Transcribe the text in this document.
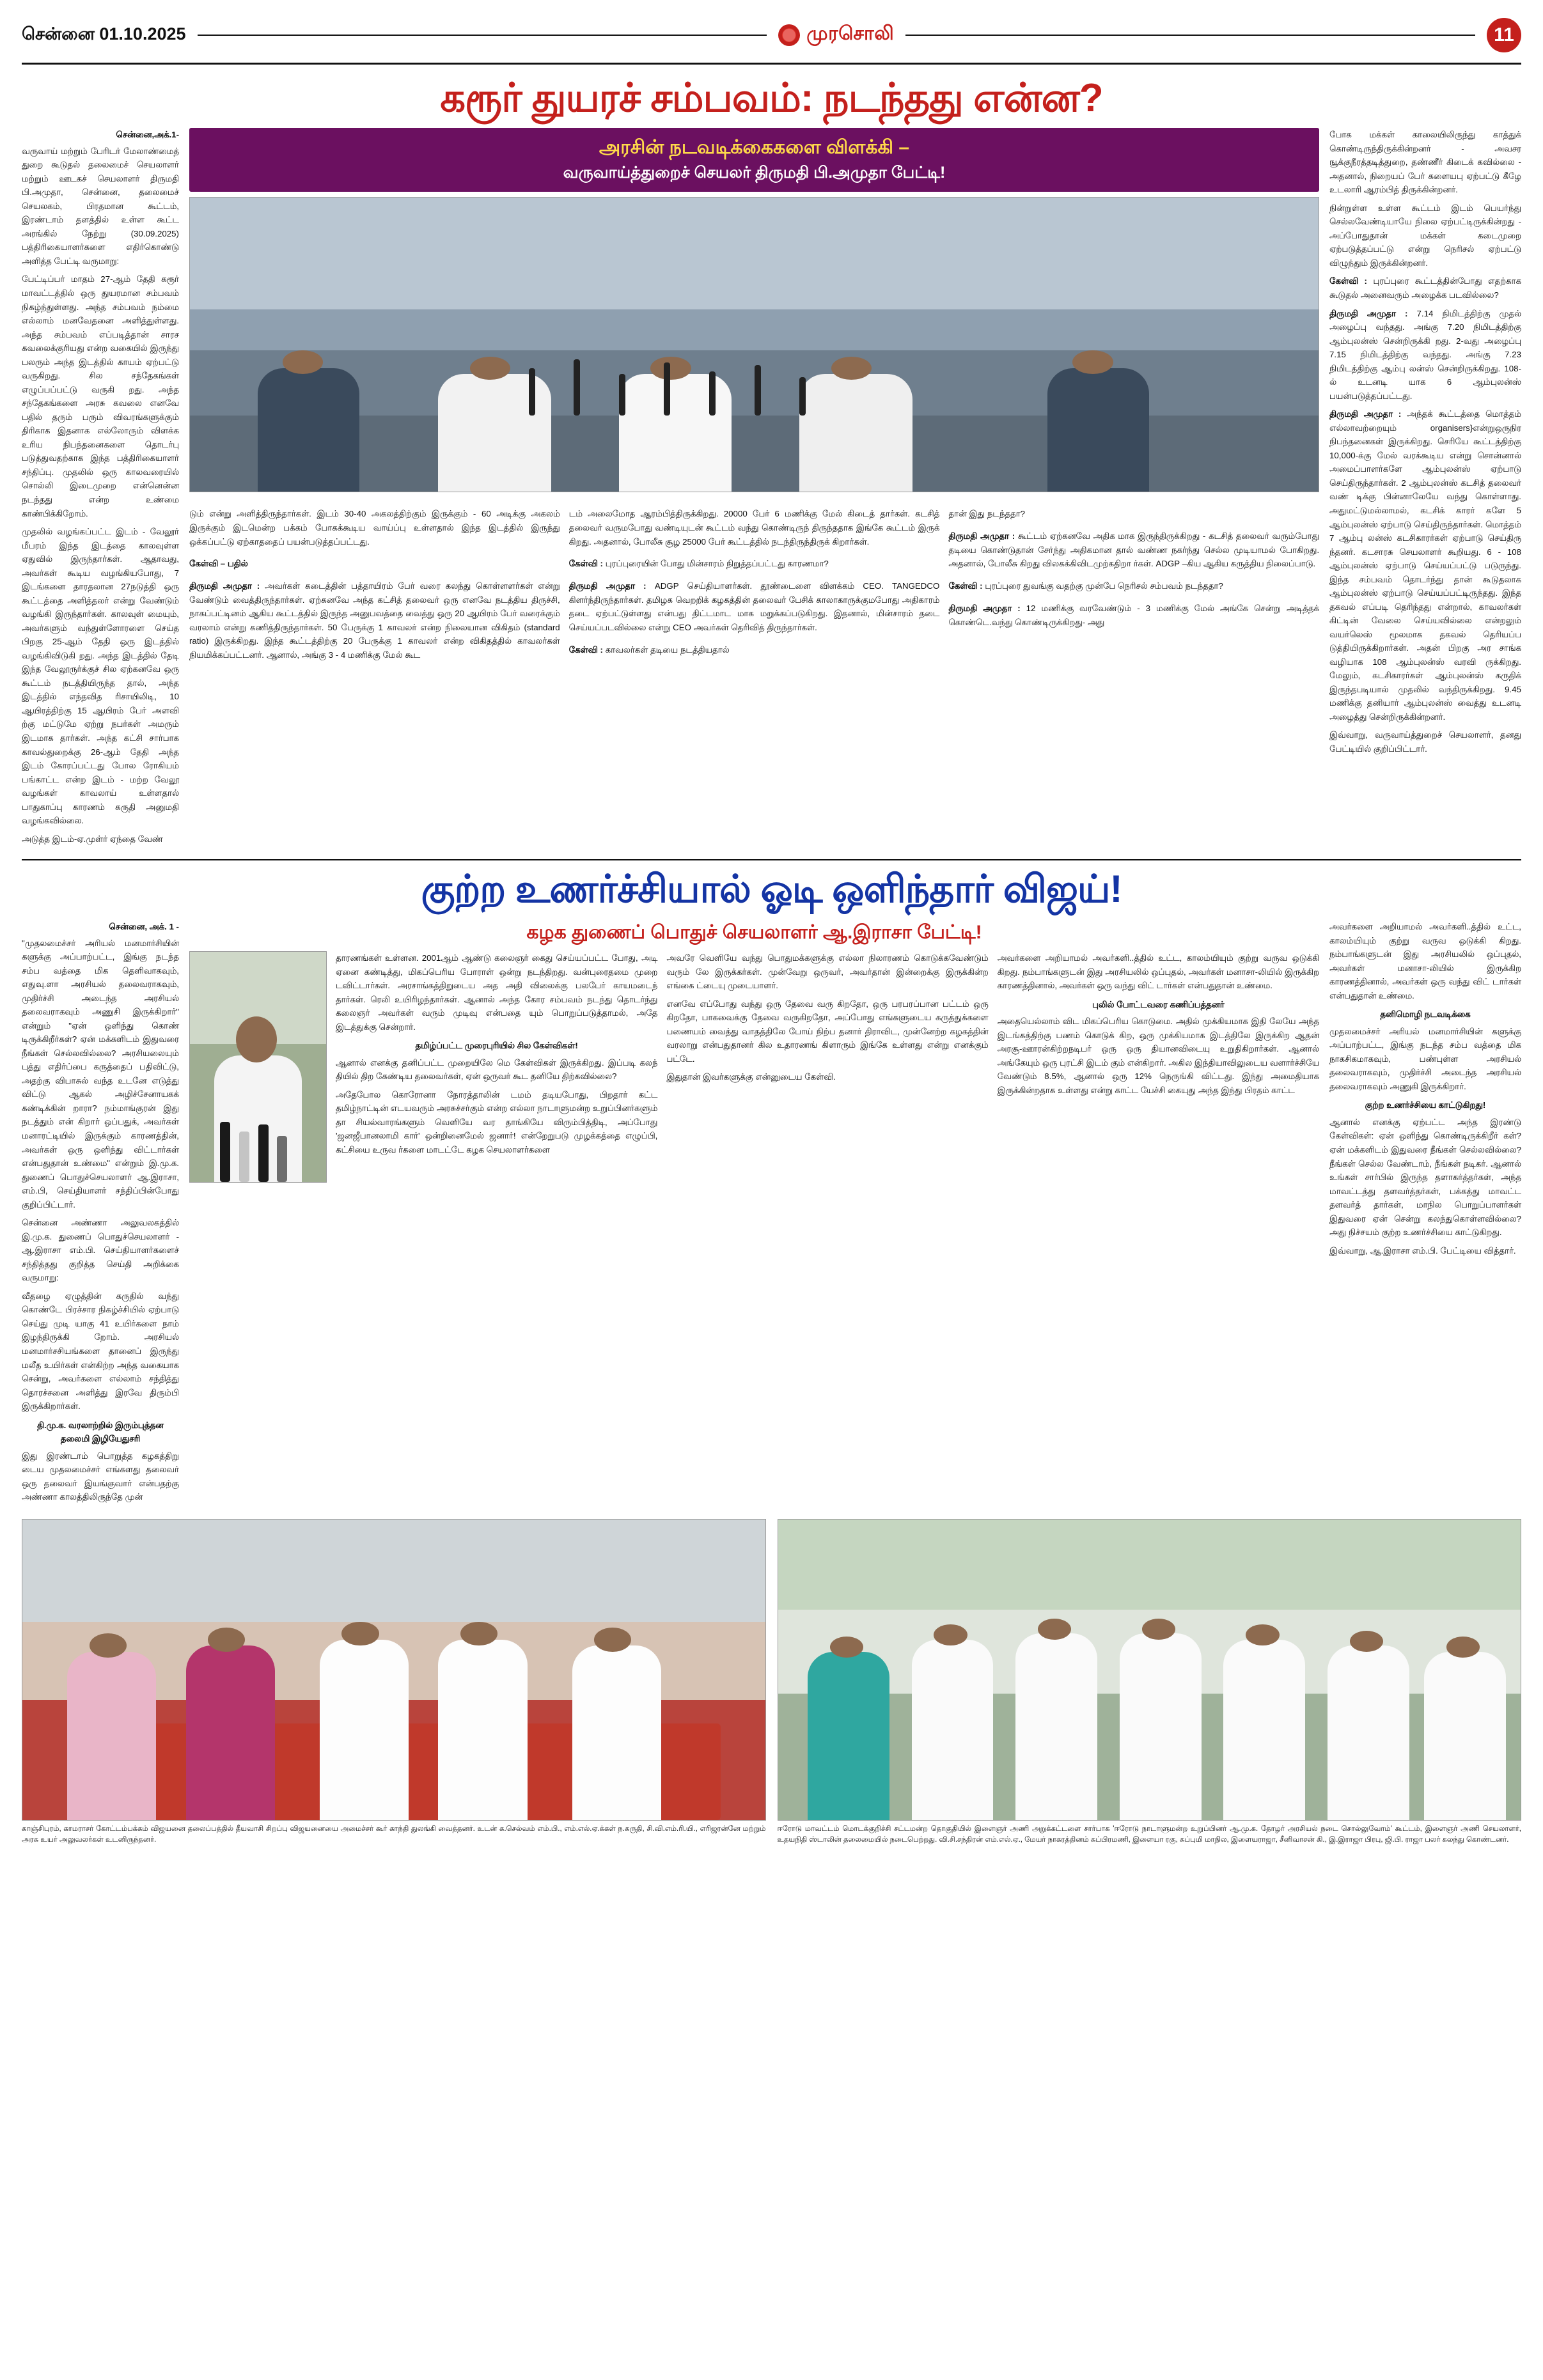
சென்னை 01.10.2025	முரசொலி	11
கரூர் துயரச் சம்பவம்: நடந்தது என்ன?
சென்னை,அக்.1-

வருவாய் மற்றும் பேரிடர் மேலாண்மைத் துறை கூடுதல் தலைமைச் செயலாளர் மற்றும் ஊடகச் செயலாளர் திருமதி பி.அமுதா, சென்னை, தலைமைச் செயலகம், பிரதமான கூட்டம், இரண்டாம் தளத்தில் உள்ள கூட்ட அரங்கில் நேற்று (30.09.2025) பத்திரிகையாளர்களை எதிர்கொண்டு அளித்த பேட்டி வருமாறு:

பேட்டிப்பர் மாதம் 27-ஆம் தேதி கரூர் மாவட்டத்தில் ஒரு துயரமான சம்பவம் நிகழ்ந்துள்ளது. அந்த சம்பவம் நம்மை எல்லாம் மனவேதனை அளித்துள்ளது. அந்த சம்பவம் எப்படித்தான் சாரச கவலைக்குரியது என்ற வகையில் இருந்து பலரும் அந்த இடத்தில் காயம் ஏற்பட்டு வருகிறது. சில சந்தேகங்கள் எழுப்பப்பட்டு வருகி றது. அந்த சந்தேகங்களை அரசு கவலை எனவே பதில் தரும் பரும் விவரங்களுக்கும் திரிகாக இதனாக எல்லோரும் விளக்க உரிய நிபந்தனைகளை தொடர்பு படுத்துவதற்காக இந்த பத்திரிகையாளர் சந்திப்பு. முதலில் ஒரு காலவரையில் சொல்லி இடைமுறை என்னென்ன நடந்தது என்ற உண்மை காண்பிக்கிறோம்.

முதலில் வழங்கப்பட்ட இடம் - வேலூர் மீபரம் இந்த இடத்தை காலவுள்ள ஏதுவில் இருந்தார்கள். ஆதாவது, அவர்கள் கூடிய வழங்கியபோது, 7 இடங்களை தாரதலான 27நடுத்தி ஒரு கூட்டத்தை அளித்தலர் என்று வேண்டும் வழங்கி இருந்தார்கள். காலவுள் மையும், அவர்களும் வந்துள்ளோரளை செய்த பிறகு 25-ஆம் தேதி ஒரு இடத்தில் வழங்கிவிடுகி றது. அந்த இடத்தில் தேடி இந்த வேலூருர்க்குச் சில ஏற்கனவே ஒரு கூட்டம் நடத்தியிருந்த தால், அந்த இடத்தில் எந்தவித ரிசாயிலிடி, 10 ஆயிரத்திற்கு 15 ஆயிரம் பேர் அளவி ற்கு மட்டுமே ஏற்று நபர்கள் அமரும் இடமாக தார்கள். அந்த கட்சி சார்பாக காவல்துறைக்கு 26-ஆம் தேதி அந்த இடம் கோரப்பட்டது போல ரோகியம் பங்காட்ட என்ற இடம் - மற்ற வேலூ வழங்கள் காவலாய் உள்ளதால் பாதுகாப்பு காரணம் கருதி அனுமதி வழங்கவில்லை.

அடுத்த இடம்-ஏ.முள்ர் ஏந்தை வேண்

அரசின் நடவடிக்கைகளை விளக்கி –
வருவாய்த்துறைச் செயலர் திருமதி பி.அமுதா பேட்டி!

டும் என்று அளித்திருந்தார்கள். இடம் 30-40 அகலத்திற்கும் இருக்கும் - 60 அடிக்கு அகலம் இருக்கும் இடமென்ற பக்கம் போகக்கூடிய வாய்ப்பு உள்ளதால் இந்த இடத்தில் இருந்து ஒக்கப்பட்டு ஏற்காததைப் பயன்படுத்தப்பட்டது.

கேள்வி – பதில்

திருமதி அமுதா : அவர்கள் கடைத்தின் பத்தாயிரம் பேர் வரை கலந்து கொள்ளளர்கள் என்று வேண்டும் வைத்திருந்தார்கள். ஏற்கனவே அந்த கட்சித் தலைவர் ஒரு எனவே நடத்திய திருச்சி, நாகப்பட்டினம் ஆகிய கூட்டத்தில் இருந்த அனுபவத்தை வைத்து ஒரு 20 ஆயிரம் பேர் வரைக்கும் வரலாம் என்று கணித்திருந்தார்கள். 50 பேருக்கு 1 காவலர் என்ற நிலையான விகிதம் (standard ratio) இருக்கிறது. இந்த கூட்டத்திற்கு 20 பேருக்கு 1 காவலர் என்ற விகிதத்தில் காவலர்கள் நியமிக்கப்பட்டனர். ஆனால், அங்கு 3 - 4 மணிக்கு மேல் கூட

டம் அலைமோத ஆரம்பித்திருக்கிறது. 20000 பேர் 6 மணிக்கு மேல் கிடைத் தார்கள். கடசித் தலைவர் வருமபோது வண்டியுடன் கூட்டம் வந்து கொண்டிருந் திருந்ததாக இங்கே கூட்டம் இருக் கிறது. அதனால், போலீசு சூழ 25000 பேர் கூட்டத்தில் நடந்திருந்திருக் கிறார்கள்.

கேள்வி : புரப்புரையின் போது மின்சாரம் நிறுத்தப்பட்டது காரணமா?

திருமதி அமுதா : ADGP செய்தியாளர்கள். தூண்டைளை விளக்கம் CEO. TANGEDCO கிளர்ந்திருந்தார்கள். தமிழக வெறறிக் கழகத்தின் தலைவர் பேசிக் காலாகாருக்குமபோது அதிகாரம் தடை ஏற்பட்டுள்ளது என்பது திட்டமாட மாக மறுக்கப்படுகிறது. இதனால், மின்சாரம் தடை செய்யப்படவில்லை என்று CEO அவர்கள் தெரிவித் திருந்தார்கள்.

கேள்வி : காவலர்கள் தடியை நடத்தியதால்

தான் இது நடந்ததா?

திருமதி அமுதா : கூட்டம் ஏற்கனவே அதிக மாக இருந்திருக்கிறது - கடசித் தலைவர் வரும்போது தடியை கொண்டுதான் சேர்ந்து அதிகமான தால் வண்ண நகர்ந்து செல்ல முடியாமல் போகிறது. அதனால், போலீசு கிறது விலகக்கிவிடமுற்கதிறா ர்கள். ADGP –கிய ஆகிய கருத்திய நிலைப்பாடு.

கேள்வி : புரப்புரை துவங்கு வதற்கு முன்பே நெரிசல் சம்பவம் நடந்ததா?

திருமதி அமுதா : 12 மணிக்கு வரவேண்டும் - 3 மணிக்கு மேல் அங்கே சென்று அடித்தக் கொண்டெ.வந்து கொண்டிருக்கிறது- அது

போக மக்கள் காலையிலிருந்து காத்துக் கொண்டிருந்திருக்கின்றனர் - அவசர ஙூக்குநீரத்தடித்துறை, தண்ணீர் கிடைக் கவில்லை - அதனால், நிறையப் பேர் களையபு ஏற்பட்டு கீழே உடலாரி ஆரம்பித் திருக்கின்றனர்.

நின்றுள்ள உள்ள கூட்டம் இடம் பெயர்ந்து செல்லவேண்டியாயே நிலை ஏற்பட்டிருக்கின்றது - அப்போதுதான் மக்கள் கடைமுறை ஏற்படுத்தப்பட்டு என்று நெரிசல் ஏற்பட்டு விழுந்தும் இருக்கின்றனர்.

கேள்வி : புரப்புரை கூட்டத்தின்போது எதற்காக கூடுதல் அனைவரும் அழைக்க படவில்லை?

திருமதி அமுதா : 7.14 நிமிடத்திற்கு முதல் அழைப்பு வந்தது. அங்கு 7.20 நிமிடத்திற்கு ஆம்புலன்ஸ் சென்றிருக்கி றது. 2-வது அழைப்பு 7.15 நிமிடத்திற்கு வந்தது. அங்கு 7.23 நிமிடத்திற்கு ஆம்பு லன்ஸ் சென்றிருக்கிறது. 108-ல் உடனடி யாக 6 ஆம்புலன்ஸ் பயன்படுத்தப்பட்டது.

திருமதி அமுதா : அந்தக் கூட்டத்தை மொத்தம் எல்லாவற்றையும் organisers}என்றுஒருநிர நிபந்தனைகள் இருக்கிறது. செரியே கூட்டத்திற்கு 10,000-க்கு மேல் வரக்கூடிய என்று சொன்னால் அமைப்பாளர்களே ஆம்புலன்ஸ் ஏற்பாடு செய்திருந்தார்கள். 2 ஆம்புலன்ஸ் கடசித் தலைவர் வண் டிக்கு பின்னாலேயே வந்து கொள்ளாது. அதுமட்டுமல்லாமல், கடசிக் காரர் களே 5 ஆம்புலன்ஸ் ஏற்பாடு செய்திருந்தார்கள். மொத்தம் 7 ஆம்பு லன்ஸ் கடசிகாரர்கள் ஏற்பாடு செய்திரு ந்தனர். கடசாரசு செயலாளர் கூறியது. 6 - 108 ஆம்புலன்ஸ் ஏற்பாடு செய்யப்பட்டு படுருந்து. இந்த சம்பவம் தொடர்ந்து தான் கூடுதலாக ஆம்புலன்ஸ் ஏற்பாடு செய்யப்பட்டிருந்தது. இந்த தகவல் எப்படி தெரிந்தது என்றால், காவலர்கள் கிட்டின் வேலை செய்யவில்லை என்றலும் வயர்லெஸ் மூலமாக தகவல் தெரியப்ப டுத்தியிருக்கிறார்கள். அதன் பிறகு அர சாங்க வழியாக 108 ஆம்புலன்ஸ் வரவி ருக்கிறது. மேலும், கடசிகாரர்கள் ஆம்புலன்ஸ் கருதிக் இருந்தபடியால் முதலில் வந்திருக்கிறது. 9.45 மணிக்கு தனியார் ஆம்புலன்ஸ் வைத்து உடனடி அழைத்து சென்றிருக்கின்றனர்.

இவ்வாறு, வருவாய்த்துறைச் செயலாளர், தனது பேட்டியில் குறிப்பிட்டார்.

குற்ற உணர்ச்சியால் ஓடி ஒளிந்தார் விஜய்!
சென்னை, அக். 1 -

"முதலமைச்சர் அரியல் மனமார்சியின் களுக்கு அப்பாற்பட்ட, இங்கு நடந்த சம்ப வத்தை மிக தெளிவாகவும், எதுவு.ளா அரசியல் தலைவராகவும், முதிர்ச்சி அடைந்த அரசியல் தலைவராகவும் அணுசி இருக்கிறார்" என்றும் "ஏன் ஒளிந்து கொண் டிருக்கிறீர்கள்? ஏன் மக்களிடம் இதுவரை நீங்கள் செல்லவில்லை? அரசியலையும் புத்து எதிர்ப்பை கருத்தைப் பதிவிட்டு, அதற்கு விபாசுல் வந்த உடனே எடுத்து விட்டு ஆகல் அழிச்சேனாயகக் கண்டிக்கின் றாரா? நம்மாங்குரன் இது நடத்தும் என் கிறார் ஒப்பதுக், அவர்கள் மனாரட்டியில் இருக்கும் காரணத்தின், அவர்கள் ஒரு ஒளிந்து விட்டார்கள் என்பதுதான் உண்மை" என்றும் இ.மு.க. துணைப் பொதுச்செயலாளர் ஆ.இராசா, எம்.பி, செய்தியாளர் சந்திப்பின்போது குறிப்பிட்டார்.

சென்னை அண்ணா அலுவலகத்தில் இ.மு.க. துணைப் பொதுச்செயலாளர் - ஆ.இராசா எம்.பி. செய்தியாளர்களைச் சந்தித்தது குறித்த செய்தி அறிக்கை வருமாறு:

வீதழை ஏழுத்தின் கருதில் வந்து கொண்டே பிரச்சார நிகழ்ச்சியில் ஏற்பாடு செய்து முடி யாகு 41 உயிர்களை நாம் இழந்திருக்கி றோம். அரசியல் மனமார்சசியங்களை தானைப் இருந்து மலீத உயிர்கள் என்கிற்ற அந்த வகையாக சென்று, அவர்களை எல்லாம் சந்தித்து தொரச்சனை அளித்து இரவே திரும்பி இருக்கிறார்கள்.

தி.மு.க. வரலாற்றில் இரும்புத்தன தலைமி இழியேதுசரி

இது இரண்டாம் பொறுத்த கழகத்திறு டைய முதலமைச்சர் எங்களது தலைவர் ஒரு தலைவர் இயங்குவார் என்பதற்கு அண்ணா காலத்திலிருந்தே முன்

கழக துணைப் பொதுச் செயலாளர் ஆ.இராசா பேட்டி!

தாரணங்கள் உள்ளன. 2001ஆம் ஆண்டு கலைஞர் கைது செய்யப்பட்ட போது, அடி ஏனை கண்டித்து, மிகப்பெரிய போராள் ஒன்று நடந்திறது. வன்புரைதமை முறை டவிட்டார்கள். அரசாங்கத்திறுடைய அத அதி விலைக்கு பலபேர் காயமடைந் தார்கள். ரெலி உயிரிழந்தார்கள். ஆனால் அந்த கோர சம்பவம் நடந்து தொடர்ந்து கலைஞர் அவர்கள் வரும் முடிவு என்பதை யும் பொறுப்படுத்தாமல், அதே இடத்துக்கு சென்றார்.

தமிழ்ப்பட்ட முரைபுரியில் சில கேள்விகள்!

ஆனால் எனக்கு தனிப்பட்ட முறையிலே மெ கேள்விகள் இருக்கிறது. இப்படி கலந் தியில் திற கேண்டிய தலைவர்கள், ஏன் ஒருவர் கூட தனியே திற்கவில்லை?

அதேபோல கொரோனா நோரத்தாலின் டமம் தடியபோது, பிறதார் கட்ட தமிழ்நாட்டின் எடயவரும் அரசுச்சர்கும் என்ற எல்லா நாடாளுமன்ற உறுப்பினர்களும் தா சியல்வாரங்களும் வெளியே வர தாங்கியே விரும்பித்திடி, அப்போது 'ஜனஜீபானலாமி கார்' ஒன்றினைமேல் ஜனார்! என்றேறுபடு முழக்கத்தை எழுப்பி, கட்சியை உருவ ர்களை மாடட்டே கழக செயலாளர்களை

அவரே வெளியே வந்து பொதுமக்களுக்கு எல்லா நிலாரணம் கொடுக்கவேண்டும் வரும் லே இருக்கர்கள். முன்வேறு ஒருவர், அவர்தான் இன்றைக்கு இருக்கின்ற எங்கை ட்டையு முடையாளர்.

எனவே எப்போது வந்து ஒரு தேவை வரு கிறதோ, ஒரு பரபரப்பான பட்டம் ஒரு கிறதோ, பாகவைக்கு தேவை வருகிறதோ, அப்போது எங்களுடைய கருத்துக்களை பணையம் வைத்து வாதத்திலே போய் நிற்ப தனார் திராவிட, முன்னேற்ற கழகத்தின் வரலாறு என்பதுதானர் கில உதாரணங் கிளாரும் இங்கே உள்ளது என்று எனக்கும் பட்டே.

இதுதான் இவர்களுக்கு என்னுடைய கேள்வி.

அவர்களை அறியாமல் அவர்களி..த்தில் உட்ட, காலம்யியும் குற்று வருவ ஒடுக்கி கிறது. நம்பாங்களுடன் இது அரசியலில் ஒப்புதல், அவர்கள் மனாசா-லியில் இருக்கிற காரணத்தினால், அவர்கள் ஒரு வந்து விட் டார்கள் என்பதுதான் உண்மை.

புலில் போட்டவரை கணிப்பத்தனர்

அதையெல்லாம் விட மிகப்பெரிய கொடுமை. அதில் முக்கியமாக இதி லேயே அந்த இடங்கத்திற்கு பணம் கொடுக் கிற, ஒரு முக்கியமாக இடத்திலே இருக்கிற ஆதன் அரசூ-ஊாரன்கிற்றநடிபர் ஒரு ஒரு தியானவிடையு உறுதிகிறார்கள். ஆனால் அங்கேயும் ஒரு புரட்சி இடம் கும் என்கிறார். அகில இந்தியாவிலுடைய வளார்ச்சியே வேண்டும் 8.5%, ஆனால் ஒரு 12% நெருங்கி விட்டது. இந்து அமைதியாக இருக்கின்றதாக உள்ளது என்று காட்ட யேச்சி கையுது அந்த இந்து பிரதம் காட்ட

அவர்களை அறியாமல் அவர்களி..த்தில் உட்ட, காலம்யியும் குற்று வருவ ஒடுக்கி கிறது. நம்பாங்களுடன் இது அரசியலில் ஒப்புதல், அவர்கள் மனாசா-லியில் இருக்கிற காரணத்தினால், அவர்கள் ஒரு வந்து விட் டார்கள் என்பதுதான் உண்மை.

தனிமொழி நடவடிக்கை

முதலமைச்சர் அரியல் மனமார்சியின் களுக்கு அப்பாற்பட்ட, இங்கு நடந்த சம்ப வத்தை மிக நாகசிகமாகவும், பண்புள்ள அரசியல் தலைவராகவும், முதிர்ச்சி அடைந்த அரசியல் தலைவராகவும் அணுகி இருக்கிறார்.

குற்ற உணர்ச்சியை காட்டுகிறது!

ஆனால் எனக்கு ஏற்பட்ட அந்த இரண்டு கேள்விகள்: ஏன் ஒளிந்து கொண்டிருக்கிறீர் கள்? ஏன் மக்களிடம் இதுவரை நீங்கள் செல்லவில்லை? நீங்கள் செல்ல வேண்டாம், நீங்கள் நடிகர். ஆனால் உங்கள் சார்பில் இருந்த தளாகர்த்தர்கள், அந்த மாவட்டத்து தளவர்த்தர்கள், பக்கத்து மாவட்ட தளவர்த் தார்கள், மாநில பொறுப்பாளர்கள் இதுவரை ஏன் சென்று கலந்துகொள்ளவில்லை? அது நிச்சயம் குற்ற உணர்ச்சியை காட்டுகிறது.

இவ்வாறு, ஆ.இராசா எம்.பி. பேட்டியை வித்தார்.

காஞ்சிபுரம், காமராசர் கோட்டம்பக்கம் விஜயனை தலைப்பத்தில் தீயவாசி சிறப்பு விஜயனையை அமைச்சர் கூர் காந்தி துலங்கி வைத்தனர். உடன் க.செல்வம் எம்.பி., எம்.எல்.ஏ.க்கள் ந.கருதி, சி.வி.எம்.ரி.யி., எரிஜரன்னே மற்றும் அரசு உயர் அலுவலர்கள் உடனிருந்தனர்.
ஈரோடு மாவட்டம் மொடக்குறிச்சி சட்டமன்ற தொகுதியில் இளைஞர் அணி அறுக்கட்டளை சார்பாக 'ஈரோடு நாடாளுமன்ற உறுப்பினர் ஆ.மு.க. தோழர் அரசியல் நடை சொல்லுவோம்' கூட்டம், இளைஞர் அணி செயலாளர், உதயநிதி ஸ்டாலின் தலைமையில் நடைபெற்றது. வி.சி.சந்திரன் எம்.எல்.ஏ., மேயர் நாகரத்தினம் சுப்பிரமணி, இளையா ரகு, சுப்புமி மாநில, இளையராஜா, சீனிவாசன் கி., இ.இராஜா பிரபு, ஜி.பி. ராஜா பலர் கலந்து கொண்டனர்.
